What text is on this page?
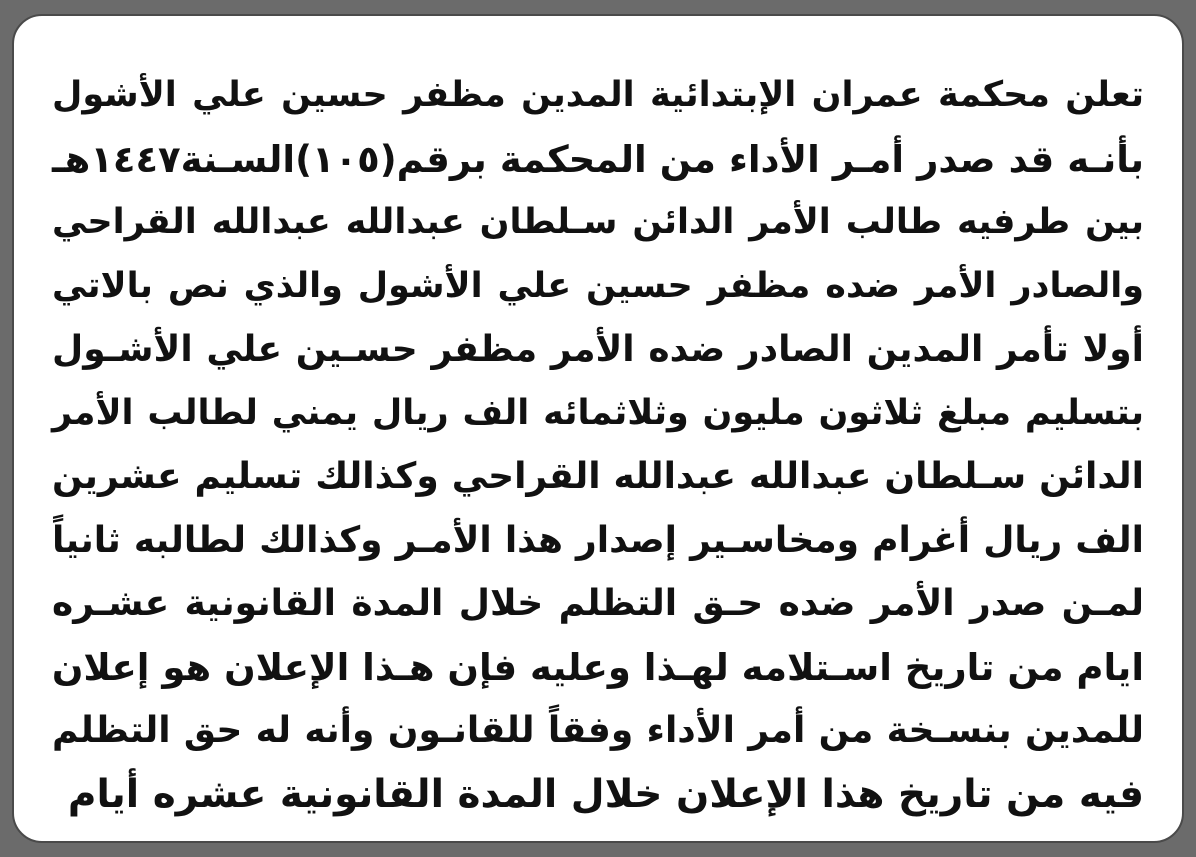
تعلن محكمة عمران الإبتدائية المدين مظفر حسين علي الأشول
بأنـه قد صدر أمـر الأداء من المحكمة برقم(١٠٥)السـنة١٤٤٧هـ
بين طرفيه طالب الأمر الدائن سـلطان عبدالله عبدالله القراحي
والصادر الأمر ضده مظفر حسين علي الأشول والذي نص بالاتي
أولا تأمر المدين الصادر ضده الأمر مظفر حسـين علي الأشـول
بتسليم مبلغ ثلاثون مليون وثلاثمائه الف ريال يمني لطالب الأمر
الدائن سـلطان عبدالله عبدالله القراحي وكذالك تسليم عشرين
الف ريال أغرام ومخاسـير إصدار هذا الأمـر وكذالك لطالبه ثانياً
لمـن صدر الأمر ضده حـق التظلم خلال المدة القانونية عشـره
ايام من تاريخ اسـتلامه لهـذا وعليه فإن هـذا الإعلان هو إعلان
للمدين بنسـخة من أمر الأداء وفقاً للقانـون وأنه له حق التظلم
فيه من تاريخ هذا الإعلان خلال المدة القانونية عشره أيام
